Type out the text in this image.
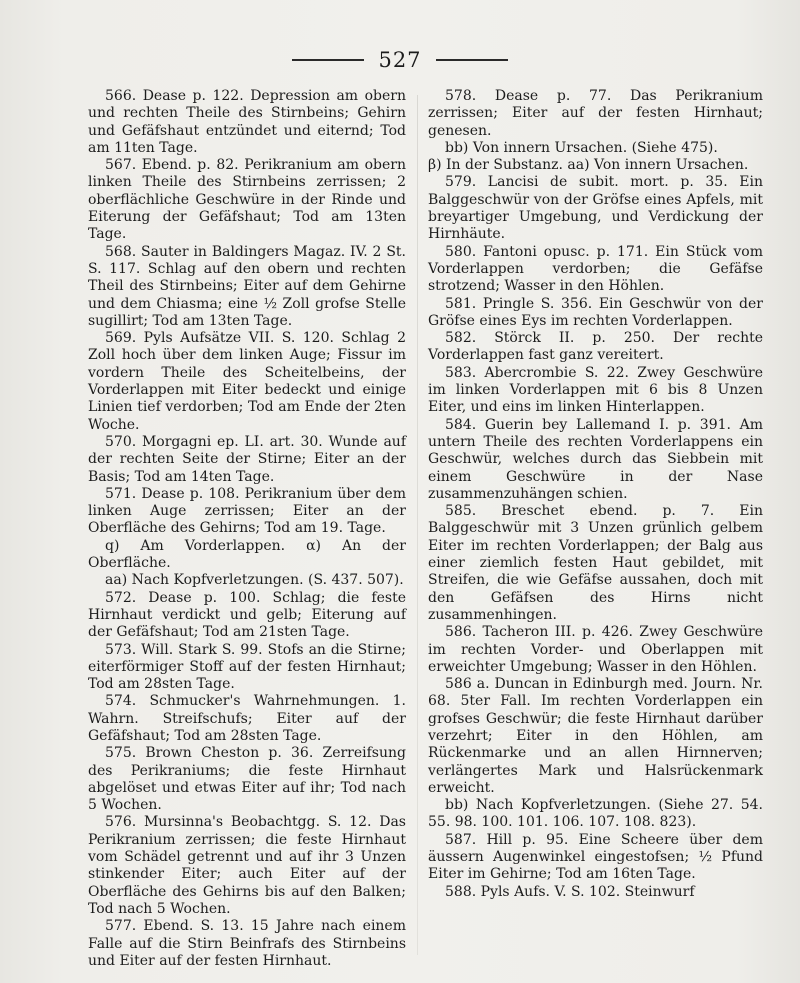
527

566. Dease p. 122. Depression am obern und rechten Theile des Stirnbeins; Gehirn und Gefäfshaut entzündet und eiternd; Tod am 11ten Tage.

567. Ebend. p. 82. Perikranium am obern linken Theile des Stirnbeins zerrissen; 2 oberflächliche Geschwüre in der Rinde und Eiterung der Gefäfshaut; Tod am 13ten Tage.

568. Sauter in Baldingers Magaz. IV. 2 St. S. 117. Schlag auf den obern und rechten Theil des Stirnbeins; Eiter auf dem Gehirne und dem Chiasma; eine ½ Zoll grofse Stelle sugillirt; Tod am 13ten Tage.

569. Pyls Aufsätze VII. S. 120. Schlag 2 Zoll hoch über dem linken Auge; Fissur im vordern Theile des Scheitelbeins, der Vorderlappen mit Eiter bedeckt und einige Linien tief verdorben; Tod am Ende der 2ten Woche.

570. Morgagni ep. LI. art. 30. Wunde auf der rechten Seite der Stirne; Eiter an der Basis; Tod am 14ten Tage.

571. Dease p. 108. Perikranium über dem linken Auge zerrissen; Eiter an der Oberfläche des Gehirns; Tod am 19. Tage.

q) Am Vorderlappen. α) An der Oberfläche.

aa) Nach Kopfverletzungen. (S. 437. 507).

572. Dease p. 100. Schlag; die feste Hirnhaut verdickt und gelb; Eiterung auf der Gefäfshaut; Tod am 21sten Tage.

573. Will. Stark S. 99. Stofs an die Stirne; eiterförmiger Stoff auf der festen Hirnhaut; Tod am 28sten Tage.

574. Schmucker's Wahrnehmungen. 1. Wahrn. Streifschufs; Eiter auf der Gefäfshaut; Tod am 28sten Tage.

575. Brown Cheston p. 36. Zerreifsung des Perikraniums; die feste Hirnhaut abgelöset und etwas Eiter auf ihr; Tod nach 5 Wochen.

576. Mursinna's Beobachtgg. S. 12. Das Perikranium zerrissen; die feste Hirnhaut vom Schädel getrennt und auf ihr 3 Unzen stinkender Eiter; auch Eiter auf der Oberfläche des Gehirns bis auf den Balken; Tod nach 5 Wochen.

577. Ebend. S. 13. 15 Jahre nach einem Falle auf die Stirn Beinfrafs des Stirnbeins und Eiter auf der festen Hirnhaut.

578. Dease p. 77. Das Perikranium zerrissen; Eiter auf der festen Hirnhaut; genesen.

bb) Von innern Ursachen. (Siehe 475).

β) In der Substanz. aa) Von innern Ursachen.

579. Lancisi de subit. mort. p. 35. Ein Balggeschwür von der Gröfse eines Apfels, mit breyartiger Umgebung, und Verdickung der Hirnhäute.

580. Fantoni opusc. p. 171. Ein Stück vom Vorderlappen verdorben; die Gefäfse strotzend; Wasser in den Höhlen.

581. Pringle S. 356. Ein Geschwür von der Gröfse eines Eys im rechten Vorderlappen.

582. Störck II. p. 250. Der rechte Vorderlappen fast ganz vereitert.

583. Abercrombie S. 22. Zwey Geschwüre im linken Vorderlappen mit 6 bis 8 Unzen Eiter, und eins im linken Hinterlappen.

584. Guerin bey Lallemand I. p. 391. Am untern Theile des rechten Vorderlappens ein Geschwür, welches durch das Siebbein mit einem Geschwüre in der Nase zusammenzuhängen schien.

585. Breschet ebend. p. 7. Ein Balggeschwür mit 3 Unzen grünlich gelbem Eiter im rechten Vorderlappen; der Balg aus einer ziemlich festen Haut gebildet, mit Streifen, die wie Gefäfse aussahen, doch mit den Gefäfsen des Hirns nicht zusammenhingen.

586. Tacheron III. p. 426. Zwey Geschwüre im rechten Vorder- und Oberlappen mit erweichter Umgebung; Wasser in den Höhlen.

586 a. Duncan in Edinburgh med. Journ. Nr. 68. 5ter Fall. Im rechten Vorderlappen ein grofses Geschwür; die feste Hirnhaut darüber verzehrt; Eiter in den Höhlen, am Rückenmarke und an allen Hirnnerven; verlängertes Mark und Halsrückenmark erweicht.

bb) Nach Kopfverletzungen. (Siehe 27. 54. 55. 98. 100. 101. 106. 107. 108. 823).

587. Hill p. 95. Eine Scheere über dem äussern Augenwinkel eingestofsen; ½ Pfund Eiter im Gehirne; Tod am 16ten Tage.

588. Pyls Aufs. V. S. 102. Steinwurf
